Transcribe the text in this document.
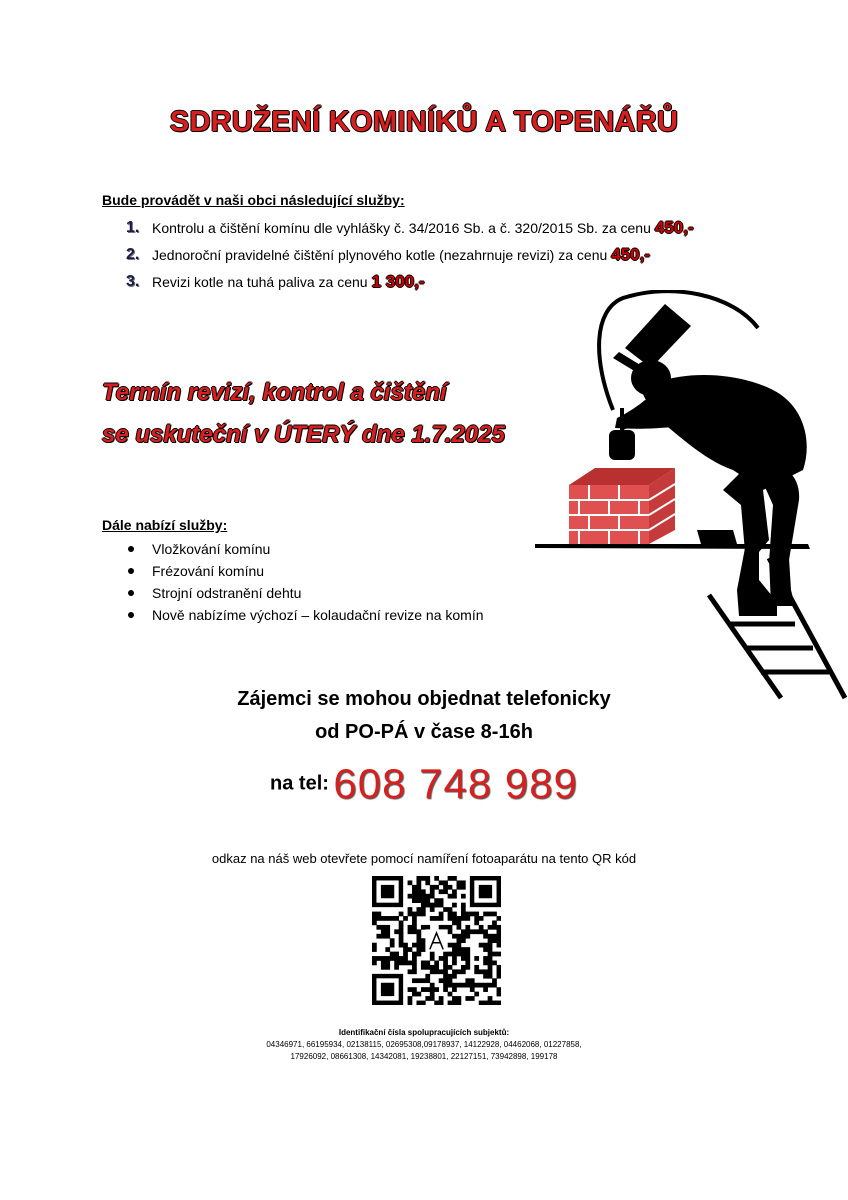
SDRUŽENÍ KOMINÍKŮ A TOPENÁŘŮ
Bude provádět v naši obci následující služby:
1. Kontrolu a čištění komínu dle vyhlášky č. 34/2016 Sb. a č. 320/2015 Sb. za cenu 450,-
2. Jednoroční pravidelné čištění plynového kotle (nezahrnuje revizi) za cenu 450,-
3. Revizi kotle na tuhá paliva za cenu 1 300,-
Termín revizí, kontrol a čištění
se uskuteční v ÚTERÝ dne 1.7.2025
Dále nabízí služby:
Vložkování komínu
Frézování komínu
Strojní odstranění dehtu
Nově nabízíme výchozí – kolaudační revize na komín
Zájemci se mohou objednat telefonicky
od PO-PÁ v čase 8-16h
na tel: 608 748 989
odkaz na náš web otevřete pomocí namíření fotoaparátu na tento QR kód
Identifikační čísla spolupracujících subjektů:
04346971, 66195934, 02138115, 02695308,09178937, 14122928, 04462068, 01227858,
17926092, 08661308, 14342081, 19238801, 22127151, 73942898, 199178
